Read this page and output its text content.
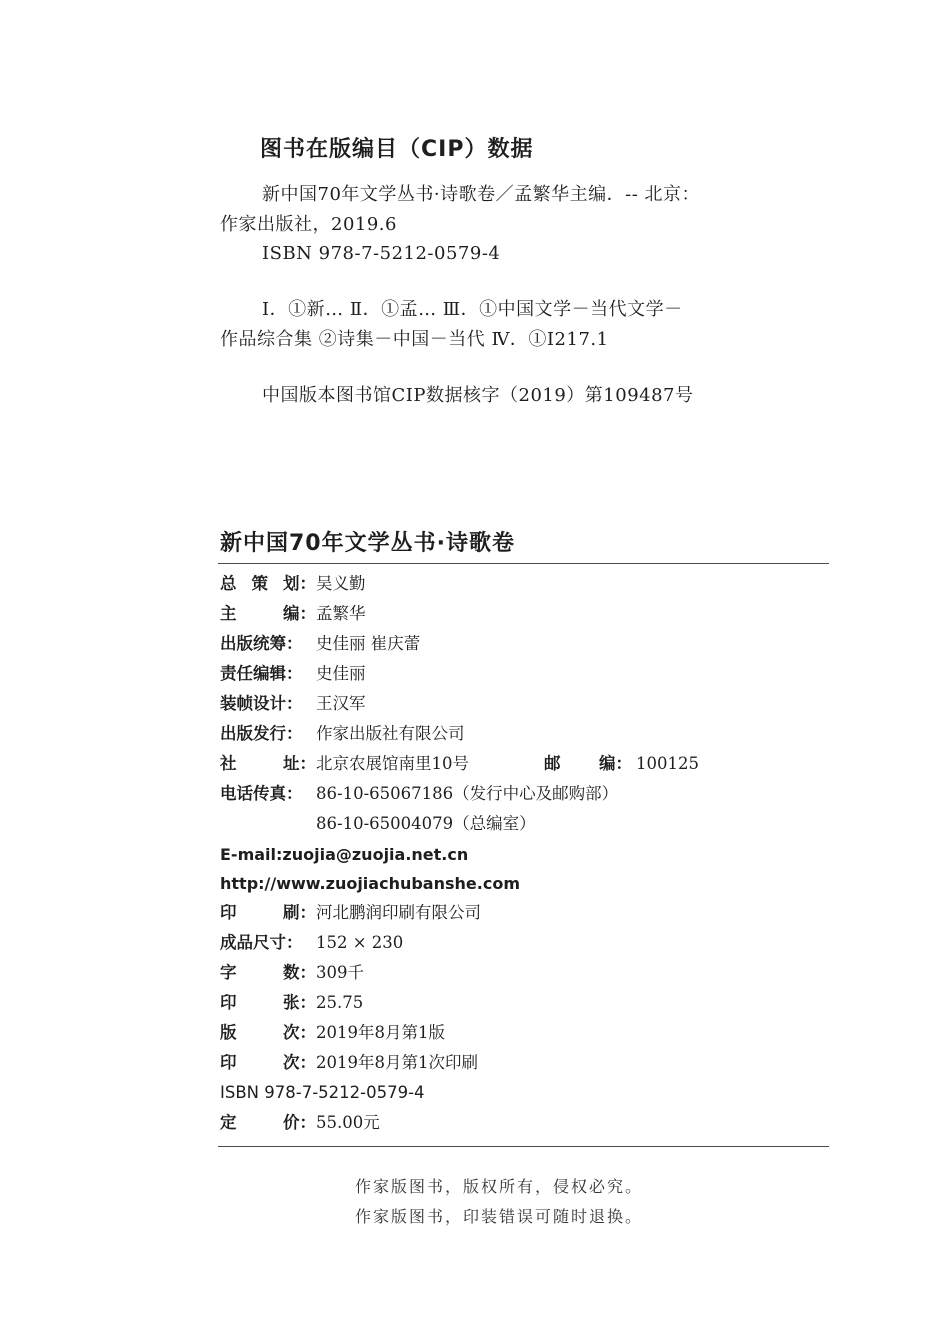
图书在版编目（CIP）数据
新中国70年文学丛书·诗歌卷／孟繁华主编．-- 北京：
作家出版社，2019.6
ISBN 978-7-5212-0579-4
Ⅰ．①新… Ⅱ．①孟… Ⅲ．①中国文学－当代文学－
作品综合集 ②诗集－中国－当代 Ⅳ．①I217.1
中国版本图书馆CIP数据核字（2019）第109487号
新中国70年文学丛书·诗歌卷
总 策 划： 吴义勤
主	编： 孟繁华
出版统筹： 史佳丽 崔庆蕾
责任编辑： 史佳丽
装帧设计： 王汉军
出版发行： 作家出版社有限公司
社	址： 北京农展馆南里10号	邮 编： 100125
电话传真： 86-10-65067186（发行中心及邮购部）
86-10-65004079（总编室）
E-mail:zuojia@zuojia.net.cn
http://www.zuojiachubanshe.com
印	刷： 河北鹏润印刷有限公司
成品尺寸： 152 × 230
字	数： 309千
印	张： 25.75
版	次： 2019年8月第1版
印	次： 2019年8月第1次印刷
ISBN 978-7-5212-0579-4
定	价： 55.00元
作家版图书，版权所有，侵权必究。
作家版图书，印装错误可随时退换。
